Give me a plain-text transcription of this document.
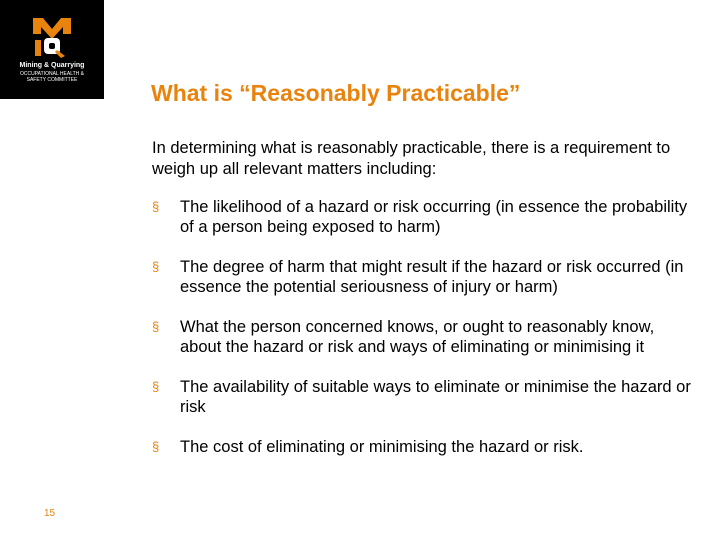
Mining & Quarrying
OCCUPATIONAL HEALTH &
SAFETY COMMITTEE
15
What is “Reasonably Practicable”
In determining what is reasonably practicable, there is a requirement to weigh up all relevant matters including:
§	The likelihood of a hazard or risk occurring (in essence the probability of a person being exposed to harm)
§	The degree of harm that might result if the hazard or risk occurred (in essence the potential seriousness of injury or harm)
§	What the person concerned knows, or ought to reasonably know, about the hazard or risk and ways of eliminating or minimising it
§	The availability of suitable ways to eliminate or minimise the hazard or risk
§	The cost of eliminating or minimising the hazard or risk.
